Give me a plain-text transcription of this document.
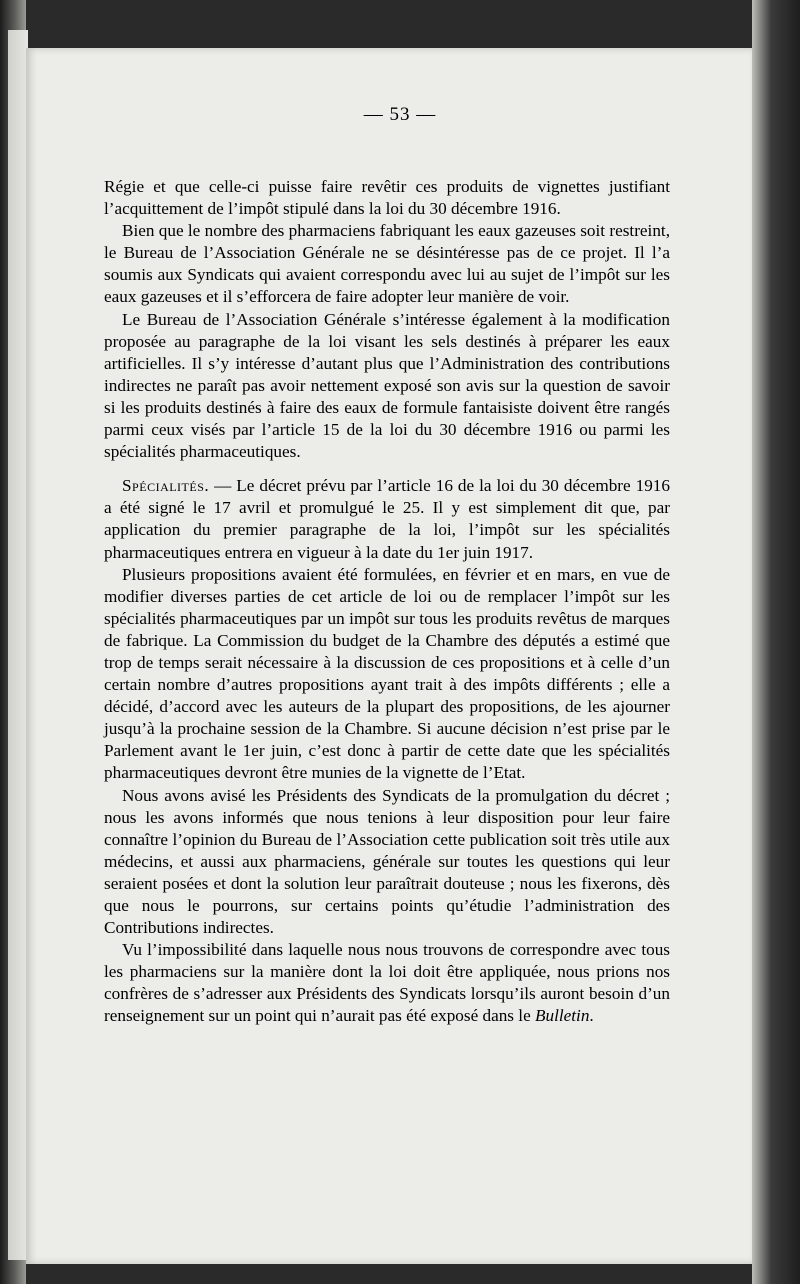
— 53 —

Régie et que celle-ci puisse faire revêtir ces produits de vignettes justifiant l’acquittement de l’impôt stipulé dans la loi du 30 décembre 1916.

Bien que le nombre des pharmaciens fabriquant les eaux gazeuses soit restreint, le Bureau de l’Association Générale ne se désintéresse pas de ce projet. Il l’a soumis aux Syndicats qui avaient correspondu avec lui au sujet de l’impôt sur les eaux gazeuses et il s’efforcera de faire adopter leur manière de voir.

Le Bureau de l’Association Générale s’intéresse également à la modification proposée au paragraphe de la loi visant les sels destinés à préparer les eaux artificielles. Il s’y intéresse d’autant plus que l’Administration des contributions indirectes ne paraît pas avoir nettement exposé son avis sur la question de savoir si les produits destinés à faire des eaux de formule fantaisiste doivent être rangés parmi ceux visés par l’article 15 de la loi du 30 décembre 1916 ou parmi les spécialités pharmaceutiques.

Spécialités. — Le décret prévu par l’article 16 de la loi du 30 décembre 1916 a été signé le 17 avril et promulgué le 25. Il y est simplement dit que, par application du premier paragraphe de la loi, l’impôt sur les spécialités pharmaceutiques entrera en vigueur à la date du 1er juin 1917.

Plusieurs propositions avaient été formulées, en février et en mars, en vue de modifier diverses parties de cet article de loi ou de remplacer l’impôt sur les spécialités pharmaceutiques par un impôt sur tous les produits revêtus de marques de fabrique. La Commission du budget de la Chambre des députés a estimé que trop de temps serait nécessaire à la discussion de ces propositions et à celle d’un certain nombre d’autres propositions ayant trait à des impôts différents ; elle a décidé, d’accord avec les auteurs de la plupart des propositions, de les ajourner jusqu’à la prochaine session de la Chambre. Si aucune décision n’est prise par le Parlement avant le 1er juin, c’est donc à partir de cette date que les spécialités pharmaceutiques devront être munies de la vignette de l’Etat.

Nous avons avisé les Présidents des Syndicats de la promulgation du décret ; nous les avons informés que nous tenions à leur disposition pour leur faire connaître l’opinion du Bureau de l’Association cette publication soit très utile aux médecins, et aussi aux pharmaciens, générale sur toutes les questions qui leur seraient posées et dont la solution leur paraîtrait douteuse ; nous les fixerons, dès que nous le pourrons, sur certains points qu’étudie l’administration des Contributions indirectes.

Vu l’impossibilité dans laquelle nous nous trouvons de correspondre avec tous les pharmaciens sur la manière dont la loi doit être appliquée, nous prions nos confrères de s’adresser aux Présidents des Syndicats lorsqu’ils auront besoin d’un renseignement sur un point qui n’aurait pas été exposé dans le Bulletin.
